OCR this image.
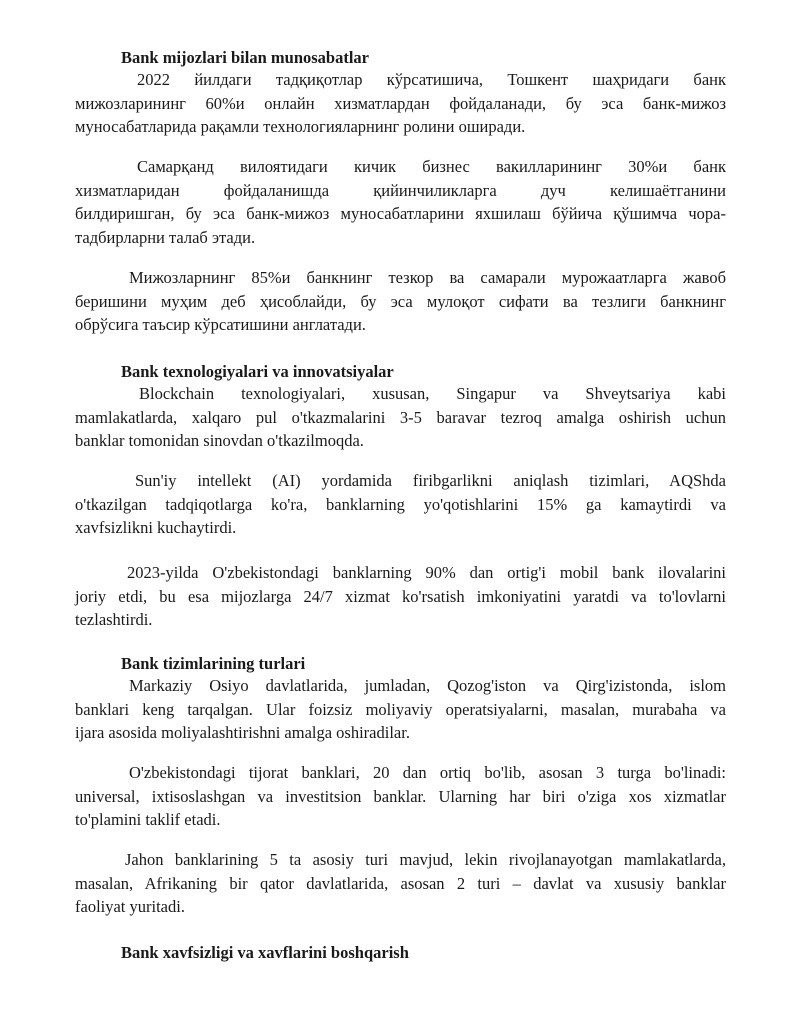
Bank mijozlari bilan munosabatlar

2022 йилдаги тадқиқотлар кўрсатишича, Тошкент шаҳридаги банк
мижозларининг 60%и онлайн хизматлардан фойдаланади, бу эса банк-мижоз
муносабатларида рақамли технологияларнинг ролини оширади.

Самарқанд вилоятидаги кичик бизнес вакилларининг 30%и банк
хизматларидан фойдаланишда қийинчиликларга дуч келишаётганини
билдиришган, бу эса банк-мижоз муносабатларини яхшилаш бўйича қўшимча чора-
тадбирларни талаб этади.

Мижозларнинг 85%и банкнинг тезкор ва самарали мурожаатларга жавоб
беришини муҳим деб ҳисоблайди, бу эса мулоқот сифати ва тезлиги банкнинг
обрўсига таъсир кўрсатишини англатади.

Bank texnologiyalari va innovatsiyalar

Blockchain texnologiyalari, xususan, Singapur va Shveytsariya kabi
mamlakatlarda, xalqaro pul o'tkazmalarini 3-5 baravar tezroq amalga oshirish uchun
banklar tomonidan sinovdan o'tkazilmoqda.

Sun'iy intellekt (AI) yordamida firibgarlikni aniqlash tizimlari, AQShda
o'tkazilgan tadqiqotlarga ko'ra, banklarning yo'qotishlarini 15% ga kamaytirdi va
xavfsizlikni kuchaytirdi.

2023-yilda O'zbekistondagi banklarning 90% dan ortig'i mobil bank ilovalarini
joriy etdi, bu esa mijozlarga 24/7 xizmat ko'rsatish imkoniyatini yaratdi va to'lovlarni
tezlashtirdi.

Bank tizimlarining turlari

Markaziy Osiyo davlatlarida, jumladan, Qozog'iston va Qirg'izistonda, islom
banklari keng tarqalgan. Ular foizsiz moliyaviy operatsiyalarni, masalan, murabaha va
ijara asosida moliyalashtirishni amalga oshiradilar.

O'zbekistondagi tijorat banklari, 20 dan ortiq bo'lib, asosan 3 turga bo'linadi:
universal, ixtisoslashgan va investitsion banklar. Ularning har biri o'ziga xos xizmatlar
to'plamini taklif etadi.

Jahon banklarining 5 ta asosiy turi mavjud, lekin rivojlanayotgan mamlakatlarda,
masalan, Afrikaning bir qator davlatlarida, asosan 2 turi – davlat va xususiy banklar
faoliyat yuritadi.

Bank xavfsizligi va xavflarini boshqarish
